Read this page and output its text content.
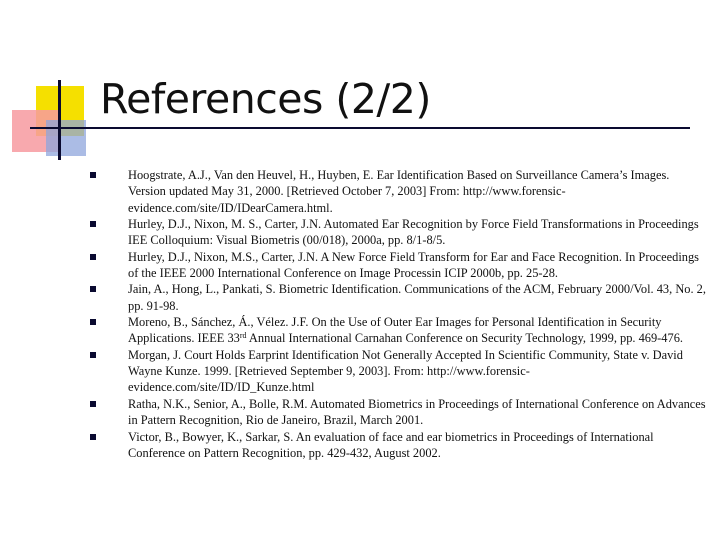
References (2/2)
Hoogstrate, A.J., Van den Heuvel, H., Huyben, E. Ear Identification Based on Surveillance Camera’s Images. Version updated May 31, 2000. [Retrieved October 7, 2003] From: http://www.forensic-evidence.com/site/ID/IDearCamera.html.
Hurley, D.J., Nixon, M. S., Carter, J.N. Automated Ear Recognition by Force Field Transformations in Proceedings IEE Colloquium: Visual Biometris (00/018), 2000a, pp. 8/1-8/5.
Hurley, D.J., Nixon, M.S., Carter, J.N. A New Force Field Transform for Ear and Face Recognition. In Proceedings of the IEEE 2000 International Conference on Image Processin ICIP 2000b, pp. 25-28.
Jain, A., Hong, L., Pankati, S. Biometric Identification. Communications of the ACM, February 2000/Vol. 43, No. 2, pp. 91-98.
Moreno, B., Sánchez, Á., Vélez. J.F. On the Use of Outer Ear Images for Personal Identification in Security Applications. IEEE 33rd Annual International Carnahan Conference on Security Technology, 1999, pp. 469-476.
Morgan, J. Court Holds Earprint Identification Not Generally Accepted In Scientific Community, State v. David Wayne Kunze. 1999. [Retrieved September 9, 2003]. From: http://www.forensic-evidence.com/site/ID/ID_Kunze.html
Ratha, N.K., Senior, A., Bolle, R.M. Automated Biometrics in Proceedings of International Conference on Advances in Pattern Recognition, Rio de Janeiro, Brazil, March 2001.
Victor, B., Bowyer, K., Sarkar, S. An evaluation of face and ear biometrics in Proceedings of International Conference on Pattern Recognition, pp. 429-432, August 2002.
